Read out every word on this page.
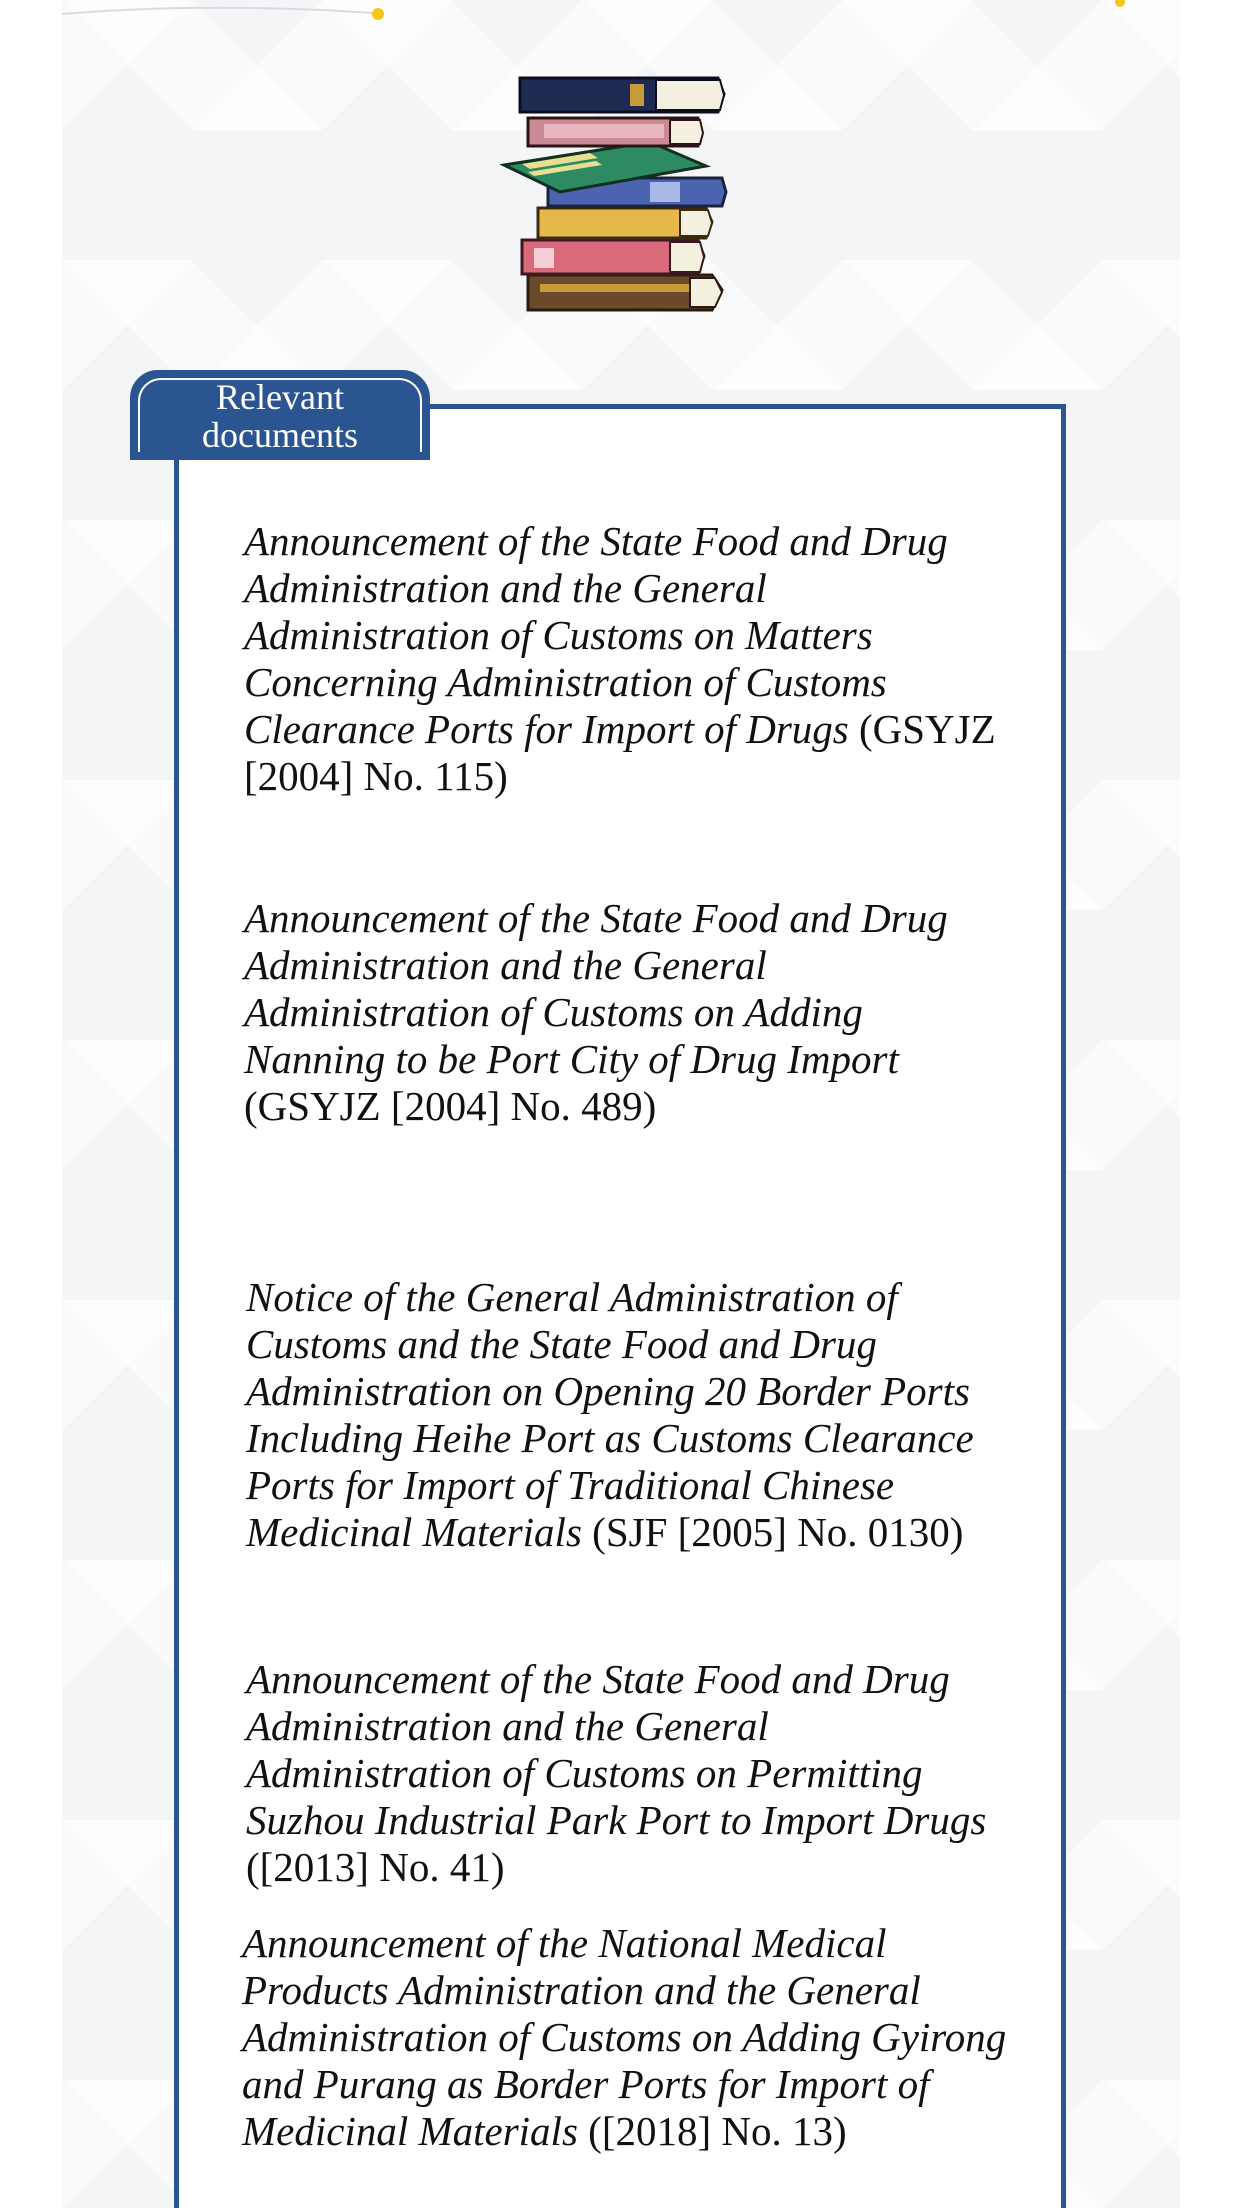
Relevant documents
Announcement of the State Food and Drug Administration and the General Administration of Customs on Matters Concerning Administration of Customs Clearance Ports for Import of Drugs (GSYJZ [2004] No. 115)
Announcement of the State Food and Drug Administration and the General Administration of Customs on Adding Nanning to be Port City of Drug Import (GSYJZ [2004] No. 489)
Notice of the General Administration of Customs and the State Food and Drug Administration on Opening 20 Border Ports Including Heihe Port as Customs Clearance Ports for Import of Traditional Chinese Medicinal Materials (SJF [2005] No. 0130)
Announcement of the State Food and Drug Administration and the General Administration of Customs on Permitting Suzhou Industrial Park Port to Import Drugs ([2013] No. 41)
Announcement of the National Medical Products Administration and the General Administration of Customs on Adding Gyirong and Purang as Border Ports for Import of Medicinal Materials ([2018] No. 13)
